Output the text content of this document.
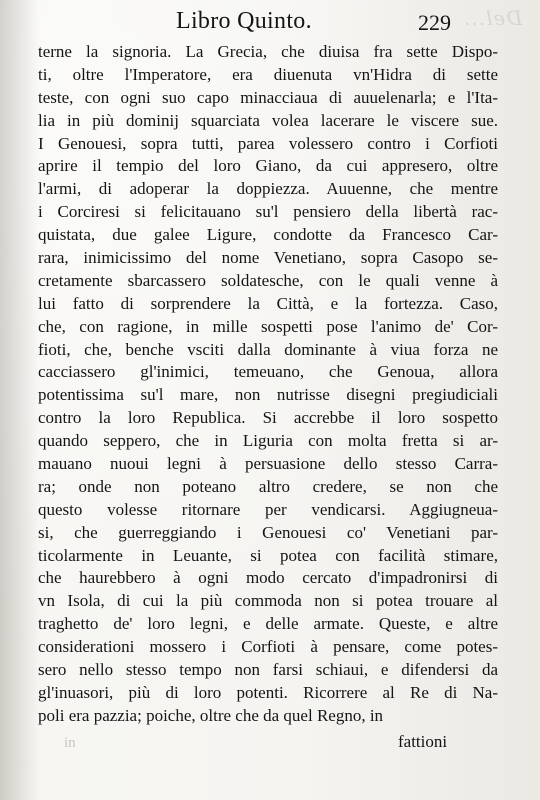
Del...
Libro Quinto.	229
terne la signoria. La Grecia, che diuisa fra sette Dispo-
ti, oltre l'Imperatore, era diuenuta vn'Hidra di sette
teste, con ogni suo capo minacciaua di auuelenarla; e l'Ita-
lia in più dominij squarciata volea lacerare le viscere sue.
I Genouesi, sopra tutti, parea volessero contro i Corfioti
aprire il tempio del loro Giano, da cui appresero, oltre
l'armi, di adoperar la doppiezza. Auuenne, che mentre
i Corciresi si felicitauano su'l pensiero della libertà rac-
quistata, due galee Ligure, condotte da Francesco Car-
rara, inimicissimo del nome Venetiano, sopra Casopo se-
cretamente sbarcassero soldatesche, con le quali venne à
lui fatto di sorprendere la Città, e la fortezza. Caso,
che, con ragione, in mille sospetti pose l'animo de' Cor-
fioti, che, benche vsciti dalla dominante à viua forza ne
cacciassero gl'inimici, temeuano, che Genoua, allora
potentissima su'l mare, non nutrisse disegni pregiudiciali
contro la loro Republica. Si accrebbe il loro sospetto
quando seppero, che in Liguria con molta fretta si ar-
mauano nuoui legni à persuasione dello stesso Carra-
ra; onde non poteano altro credere, se non che
questo volesse ritornare per vendicarsi. Aggiugneua-
si, che guerreggiando i Genouesi co' Venetiani par-
ticolarmente in Leuante, si potea con facilità stimare,
che haurebbero à ogni modo cercato d'impadronirsi di
vn Isola, di cui la più commoda non si potea trouare al
traghetto de' loro legni, e delle armate. Queste, e altre
considerationi mossero i Corfioti à pensare, come potes-
sero nello stesso tempo non farsi schiaui, e difendersi da
gl'inuasori, più di loro potenti. Ricorrere al Re di Na-
poli era pazzia; poiche, oltre che da quel Regno, in
in	fattioni
